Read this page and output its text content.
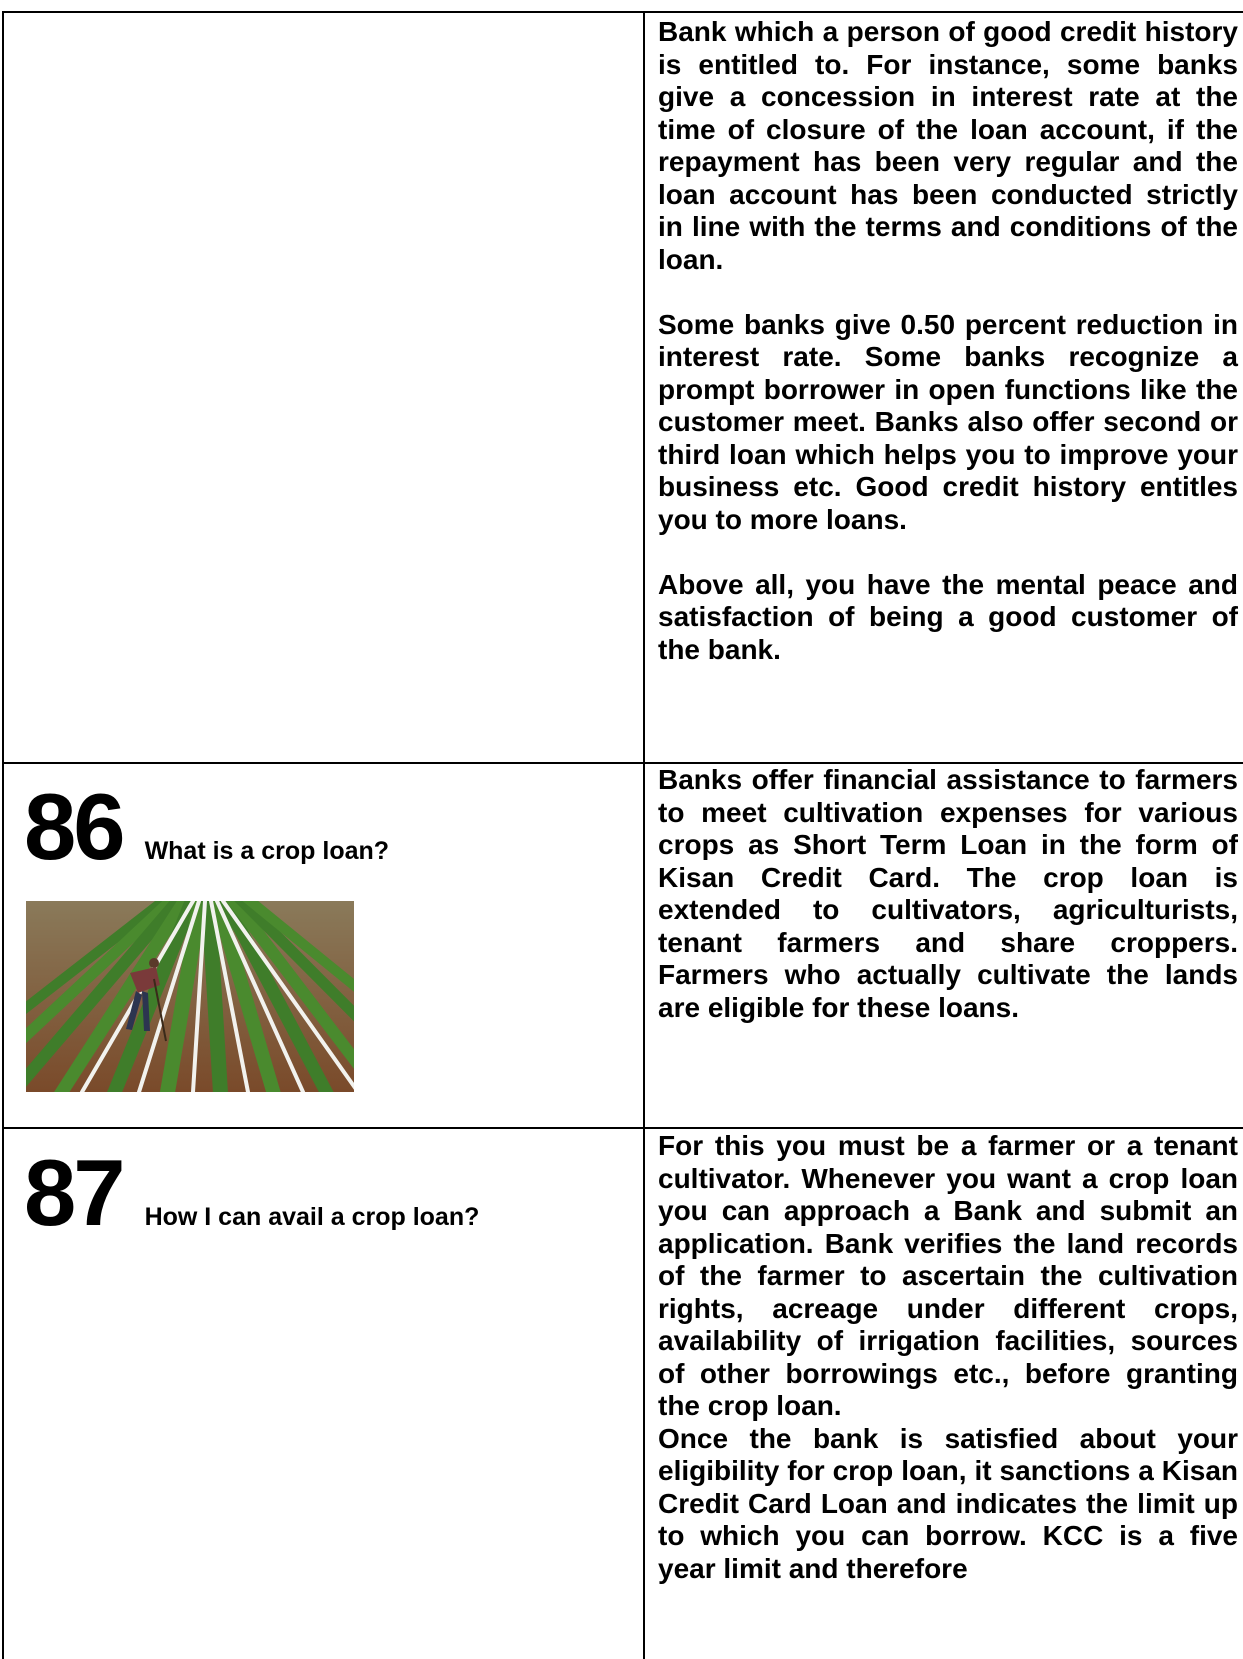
Bank which a person of good credit history is entitled to. For instance, some banks give a concession in interest rate at the time of closure of the loan account, if the repayment has been very regular and the loan account has been conducted strictly in line with the terms and conditions of the loan.

Some banks give 0.50 percent reduction in interest rate. Some banks recognize a prompt borrower in open functions like the customer meet. Banks also offer second or third loan which helps you to improve your business etc. Good credit history entitles you to more loans.

Above all, you have the mental peace and satisfaction of being a good customer of the bank.

86 What is a crop loan?

Banks offer financial assistance to farmers to meet cultivation expenses for various crops as Short Term Loan in the form of Kisan Credit Card. The crop loan is extended to cultivators, agriculturists, tenant farmers and share croppers. Farmers who actually cultivate the lands are eligible for these loans.

87 How I can avail a crop loan?

For this you must be a farmer or a tenant cultivator. Whenever you want a crop loan you can approach a Bank and submit an application. Bank verifies the land records of the farmer to ascertain the cultivation rights, acreage under different crops, availability of irrigation facilities, sources of other borrowings etc., before granting the crop loan.

Once the bank is satisfied about your eligibility for crop loan, it sanctions a Kisan Credit Card Loan and indicates the limit up to which you can borrow. KCC is a five year limit and therefore
